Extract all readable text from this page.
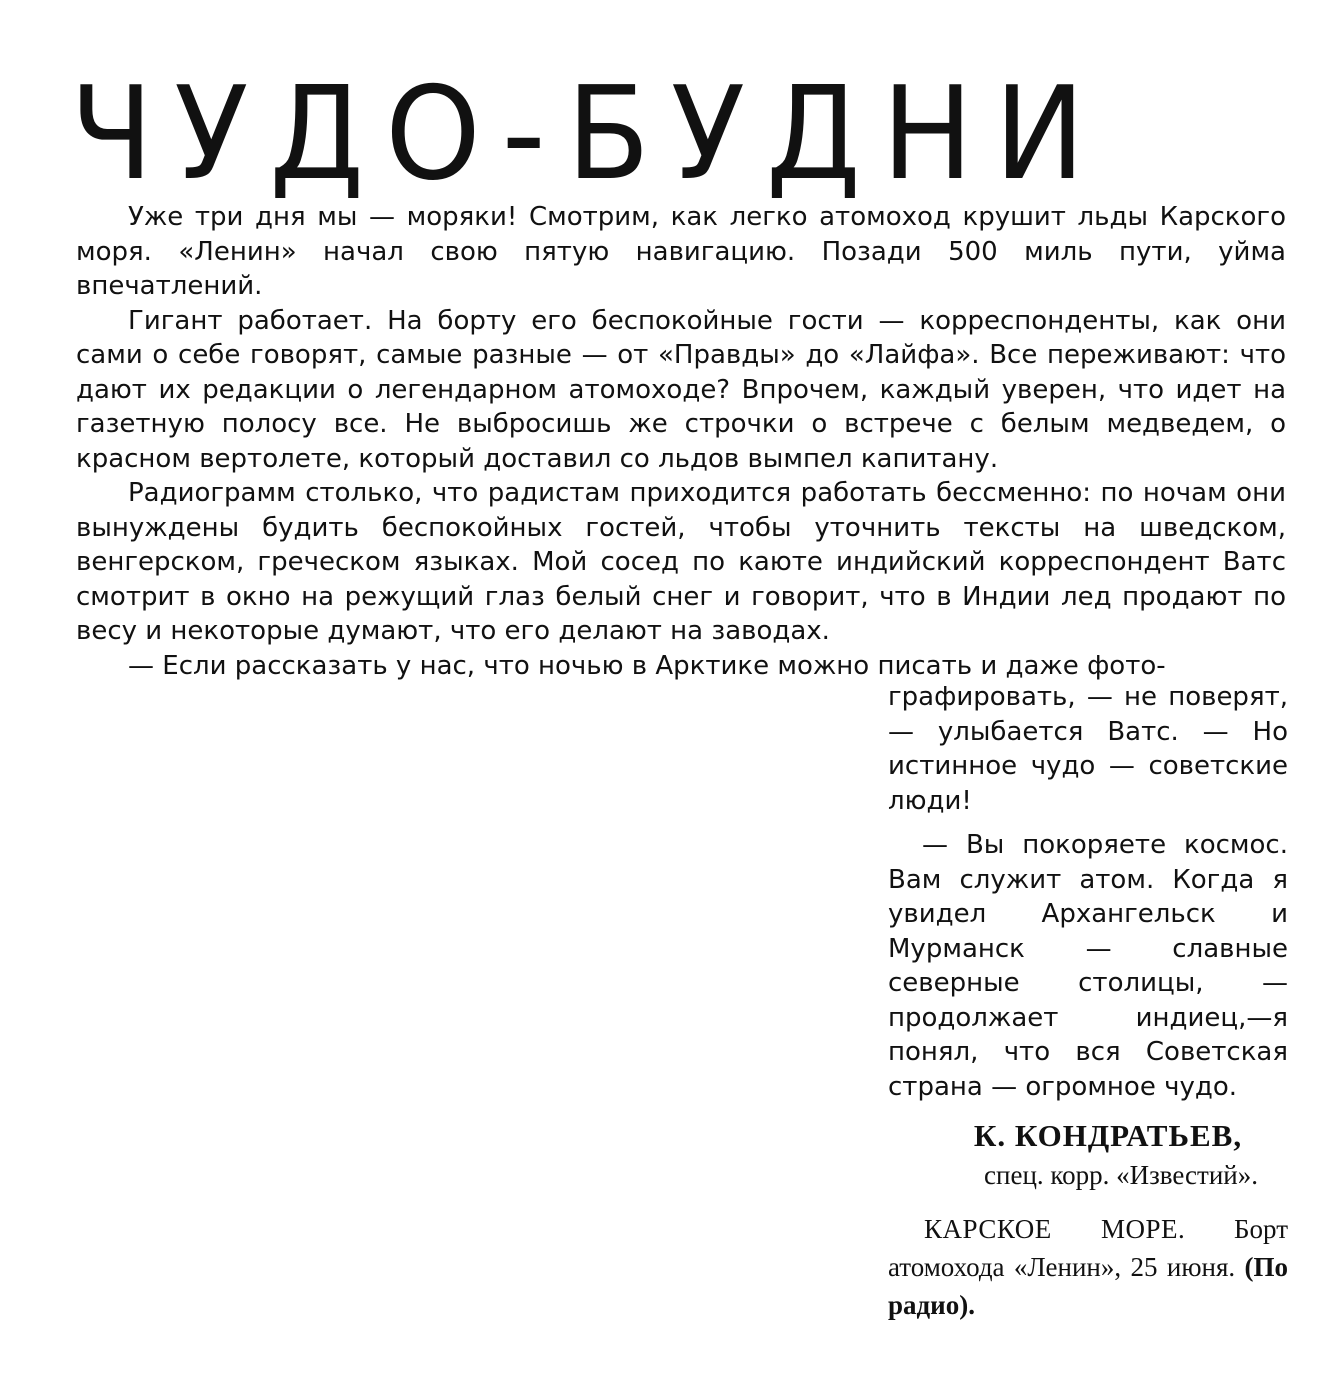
ЧУДО-БУДНИ

Уже три дня мы — моряки! Смотрим, как легко атомоход крушит льды Карского моря. «Ленин» начал свою пятую навигацию. Позади 500 миль пути, уйма впечатлений.

Гигант работает. На борту его беспокойные гости — корреспонденты, как они сами о себе говорят, самые разные — от «Правды» до «Лайфа». Все переживают: что дают их редакции о легендарном атомоходе? Впрочем, каждый уверен, что идет на газетную полосу все. Не выбросишь же строчки о встрече с белым медведем, о красном вертолете, который доставил со льдов вымпел капитану.

Радиограмм столько, что радистам приходится работать бессменно: по ночам они вынуждены будить беспокойных гостей, чтобы уточнить тексты на шведском, венгерском, греческом языках. Мой сосед по каюте индийский корреспондент Ватс смотрит в окно на режущий глаз белый снег и говорит, что в Индии лед продают по весу и некоторые думают, что его делают на заводах.

— Если рассказать у нас, что ночью в Арктике можно писать и даже фото-

графировать, — не поверят, — улыбается Ватс. — Но истинное чудо — советские люди!

— Вы покоряете космос. Вам служит атом. Когда я увидел Архангельск и Мурманск — славные северные столицы, — продолжает индиец,—я понял, что вся Советская страна — огромное чудо.

К. КОНДРАТЬЕВ,
спец. корр. «Известий».

КАРСКОЕ МОРЕ. Борт атомохода «Ленин», 25 июня. (По радио).
